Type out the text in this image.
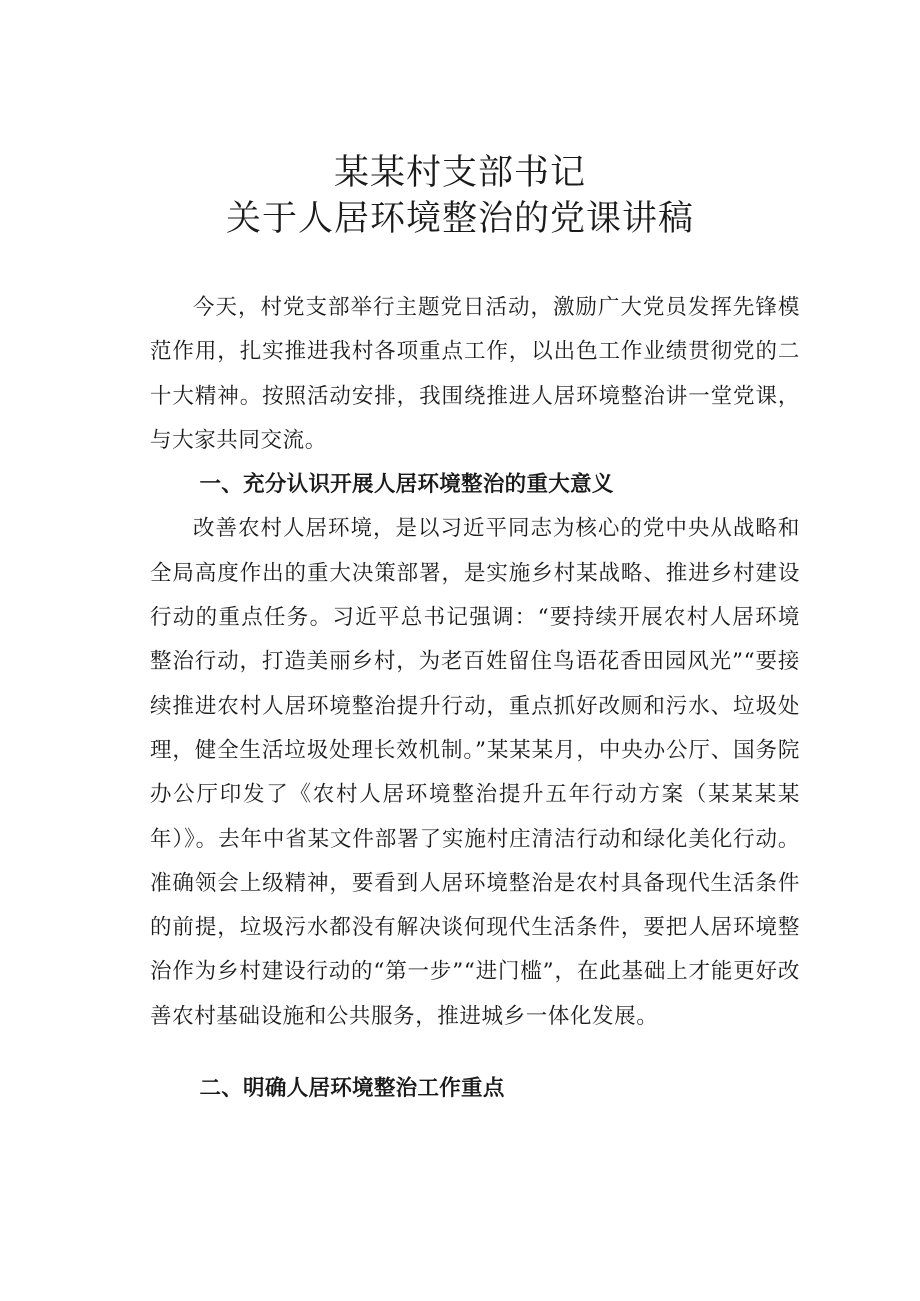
某某村支部书记
关于人居环境整治的党课讲稿

今天，村党支部举行主题党日活动，激励广大党员发挥先锋模范作用，扎实推进我村各项重点工作，以出色工作业绩贯彻党的二十大精神。按照活动安排，我围绕推进人居环境整治讲一堂党课，与大家共同交流。

一、充分认识开展人居环境整治的重大意义

改善农村人居环境，是以习近平同志为核心的党中央从战略和全局高度作出的重大决策部署，是实施乡村某战略、推进乡村建设行动的重点任务。习近平总书记强调：“要持续开展农村人居环境整治行动，打造美丽乡村，为老百姓留住鸟语花香田园风光”“要接续推进农村人居环境整治提升行动，重点抓好改厕和污水、垃圾处理，健全生活垃圾处理长效机制。”某某某月，中央办公厅、国务院办公厅印发了《农村人居环境整治提升五年行动方案（某某某某年）》。去年中省某文件部署了实施村庄清洁行动和绿化美化行动。准确领会上级精神，要看到人居环境整治是农村具备现代生活条件的前提，垃圾污水都没有解决谈何现代生活条件，要把人居环境整治作为乡村建设行动的“第一步”“进门槛”，在此基础上才能更好改善农村基础设施和公共服务，推进城乡一体化发展。

二、明确人居环境整治工作重点
